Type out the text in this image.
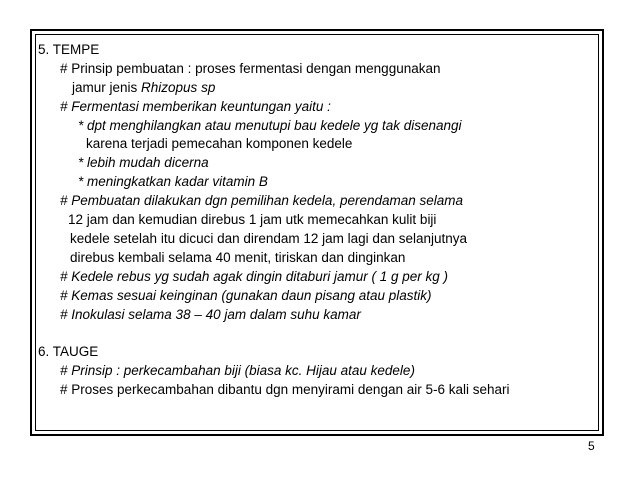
5. TEMPE
# Prinsip pembuatan : proses fermentasi dengan menggunakan
jamur jenis Rhizopus sp
# Fermentasi memberikan keuntungan yaitu :
* dpt menghilangkan atau menutupi bau kedele yg tak disenangi
karena terjadi pemecahan komponen kedele
* lebih mudah dicerna
* meningkatkan kadar vitamin B
# Pembuatan dilakukan dgn pemilihan kedela, perendaman selama
12 jam dan kemudian direbus 1 jam utk memecahkan kulit biji
kedele setelah itu dicuci dan direndam 12 jam lagi dan selanjutnya
direbus kembali selama 40 menit, tiriskan dan dinginkan
# Kedele rebus yg sudah agak dingin ditaburi jamur ( 1 g per kg )
# Kemas sesuai keinginan (gunakan daun pisang atau plastik)
# Inokulasi selama 38 – 40 jam dalam suhu kamar
6. TAUGE
# Prinsip : perkecambahan biji (biasa kc. Hijau atau kedele)
# Proses perkecambahan dibantu dgn menyirami dengan air 5-6 kali sehari
5
